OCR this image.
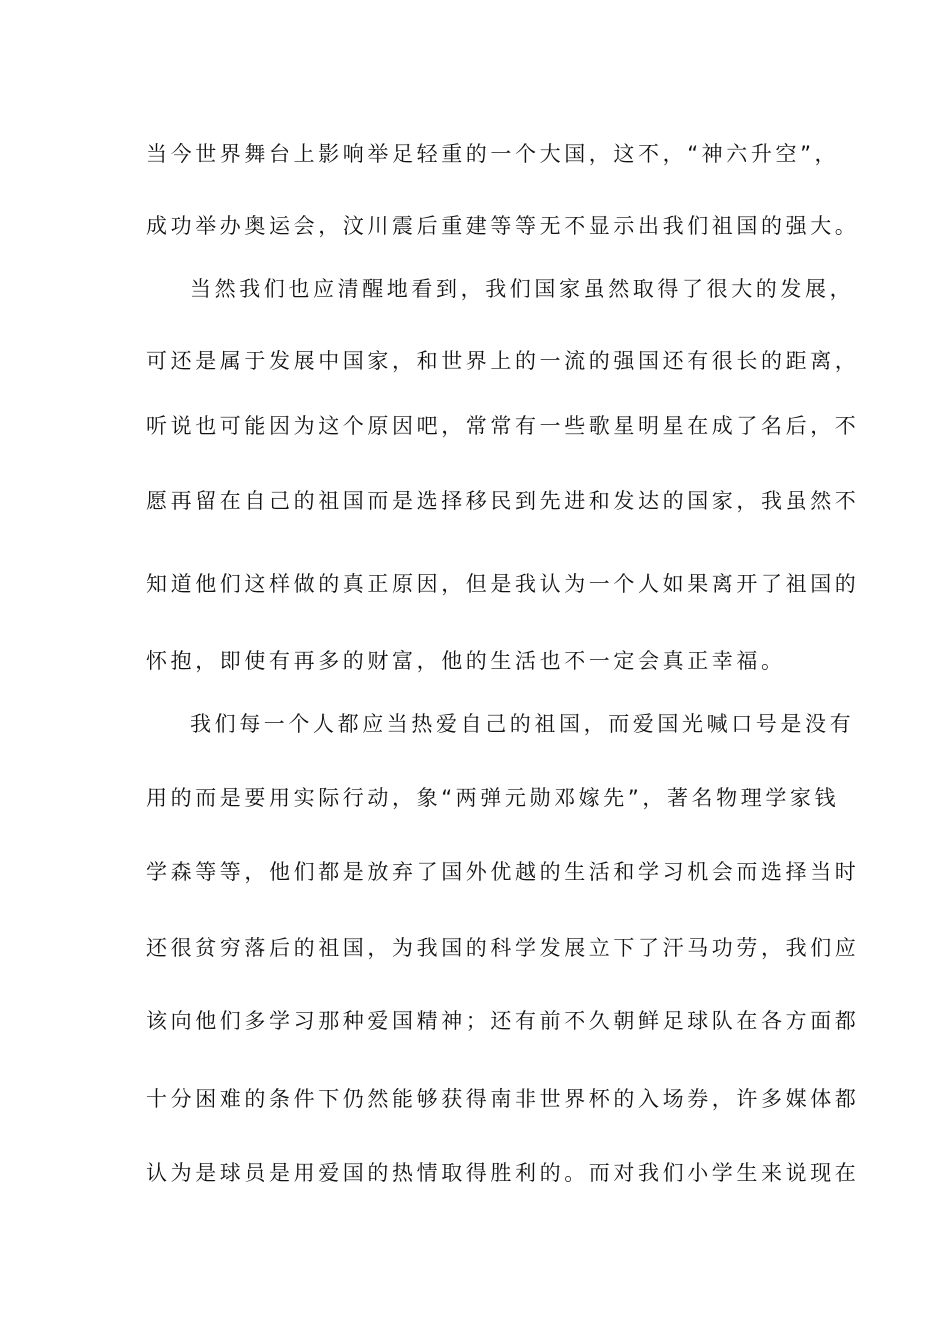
当今世界舞台上影响举足轻重的一个大国，这不，“神六升空”，
成功举办奥运会，汶川震后重建等等无不显示出我们祖国的强大。
当然我们也应清醒地看到，我们国家虽然取得了很大的发展，
可还是属于发展中国家，和世界上的一流的强国还有很长的距离，
听说也可能因为这个原因吧，常常有一些歌星明星在成了名后，不
愿再留在自己的祖国而是选择移民到先进和发达的国家，我虽然不
知道他们这样做的真正原因，但是我认为一个人如果离开了祖国的
怀抱，即使有再多的财富，他的生活也不一定会真正幸福。
我们每一个人都应当热爱自己的祖国，而爱国光喊口号是没有
用的而是要用实际行动，象“两弹元勋邓嫁先”，著名物理学家钱
学森等等，他们都是放弃了国外优越的生活和学习机会而选择当时
还很贫穷落后的祖国，为我国的科学发展立下了汗马功劳，我们应
该向他们多学习那种爱国精神；还有前不久朝鲜足球队在各方面都
十分困难的条件下仍然能够获得南非世界杯的入场券，许多媒体都
认为是球员是用爱国的热情取得胜利的。而对我们小学生来说现在
